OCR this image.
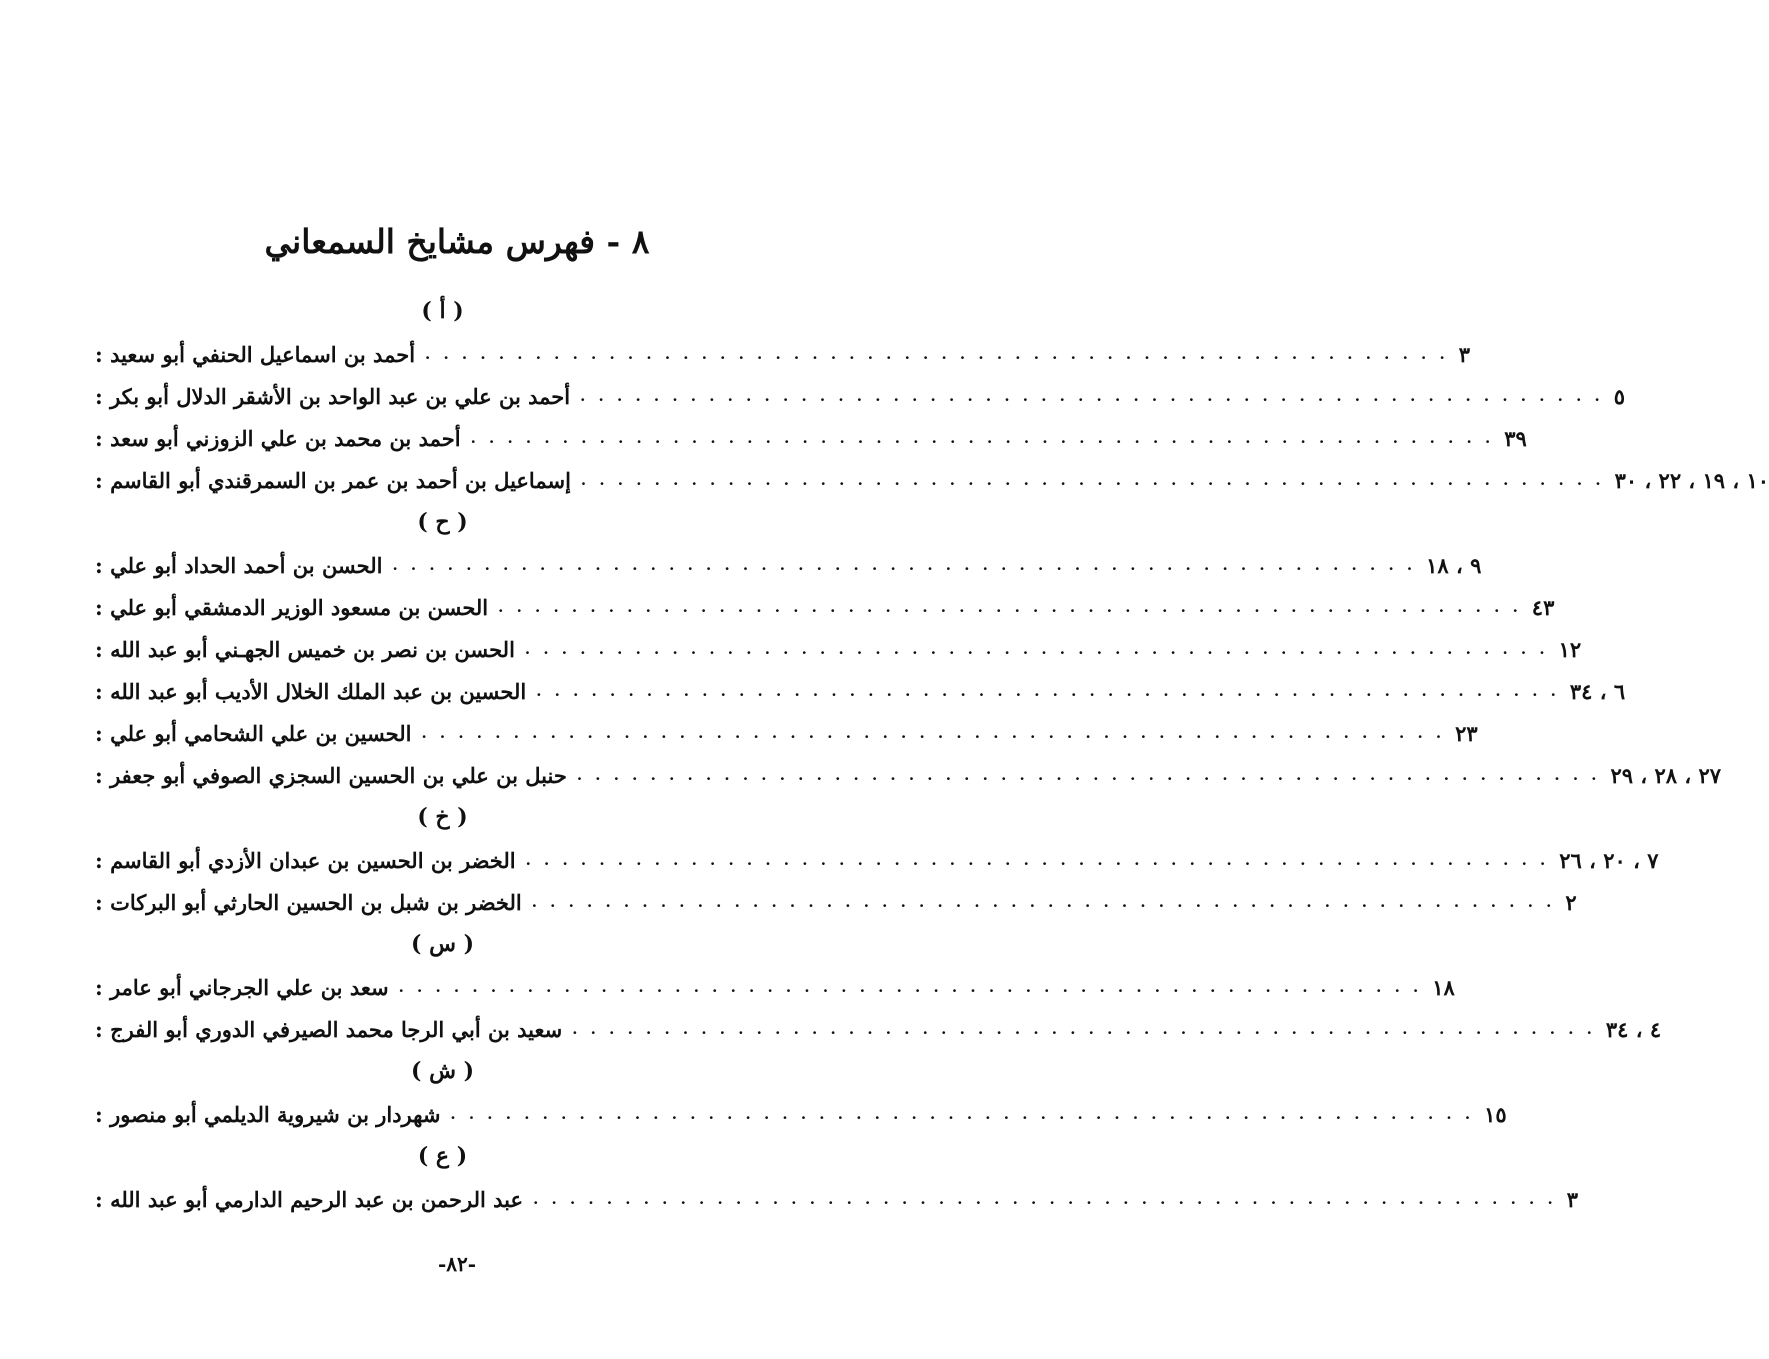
٨ - فهرس مشايخ السمعاني
( أ )
أحمد بن اسماعيل الحنفي أبو سعيد : . . . . . . . . . . . . . . . . . . . . . . . . . . . . . . . . . . . . . . . . . . . . . . . . . . . . . . . . ٣
أحمد بن علي بن عبد الواحد بن الأشقر الدلال أبو بكر : . . . . . . . . . . . . . . . . . . . . . . . . . . . . . . . . . . . . . . . . . . . . . . . . . . . . . . . . ٥
أحمد بن محمد بن علي الزوزني أبو سعد : . . . . . . . . . . . . . . . . . . . . . . . . . . . . . . . . . . . . . . . . . . . . . . . . . . . . . . . . ٣٩
إسماعيل بن أحمد بن عمر بن السمرقندي أبو القاسم : . . . . . . . . . . . . . . . . . . . . . . . . . . . . . . . . . . . . . . . . . . . . . . . . . . . . . . . . ١٠ ، ١٩ ، ٢٢ ، ٣٠
( ح )
الحسن بن أحمد الحداد أبو علي : . . . . . . . . . . . . . . . . . . . . . . . . . . . . . . . . . . . . . . . . . . . . . . . . . . . . . . . . ٩ ، ١٨
الحسن بن مسعود الوزير الدمشقي أبو علي : . . . . . . . . . . . . . . . . . . . . . . . . . . . . . . . . . . . . . . . . . . . . . . . . . . . . . . . . ٤٣
الحسن بن نصر بن خميس الجهـني أبو عبد الله : . . . . . . . . . . . . . . . . . . . . . . . . . . . . . . . . . . . . . . . . . . . . . . . . . . . . . . . . ١٢
الحسين بن عبد الملك الخلال الأديب أبو عبد الله : . . . . . . . . . . . . . . . . . . . . . . . . . . . . . . . . . . . . . . . . . . . . . . . . . . . . . . . . ٦ ، ٣٤
الحسين بن علي الشحامي أبو علي : . . . . . . . . . . . . . . . . . . . . . . . . . . . . . . . . . . . . . . . . . . . . . . . . . . . . . . . . ٢٣
حنبل بن علي بن الحسين السجزي الصوفي أبو جعفر : . . . . . . . . . . . . . . . . . . . . . . . . . . . . . . . . . . . . . . . . . . . . . . . . . . . . . . . . ٢٧ ، ٢٨ ، ٢٩
( خ )
الخضر بن الحسين بن عبدان الأزدي أبو القاسم : . . . . . . . . . . . . . . . . . . . . . . . . . . . . . . . . . . . . . . . . . . . . . . . . . . . . . . . . ٧ ، ٢٠ ، ٢٦
الخضر بن شبل بن الحسين الحارثي أبو البركات : . . . . . . . . . . . . . . . . . . . . . . . . . . . . . . . . . . . . . . . . . . . . . . . . . . . . . . . . ٢
( س )
سعد بن علي الجرجاني أبو عامر : . . . . . . . . . . . . . . . . . . . . . . . . . . . . . . . . . . . . . . . . . . . . . . . . . . . . . . . . ١٨
سعيد بن أبي الرجا محمد الصيرفي الدوري أبو الفرج : . . . . . . . . . . . . . . . . . . . . . . . . . . . . . . . . . . . . . . . . . . . . . . . . . . . . . . . . ٤ ، ٣٤
( ش )
شهردار بن شيروية الديلمي أبو منصور : . . . . . . . . . . . . . . . . . . . . . . . . . . . . . . . . . . . . . . . . . . . . . . . . . . . . . . . . ١٥
( ع )
عبد الرحمن بن عبد الرحيم الدارمي أبو عبد الله : . . . . . . . . . . . . . . . . . . . . . . . . . . . . . . . . . . . . . . . . . . . . . . . . . . . . . . . . ٣
-٨٢-
